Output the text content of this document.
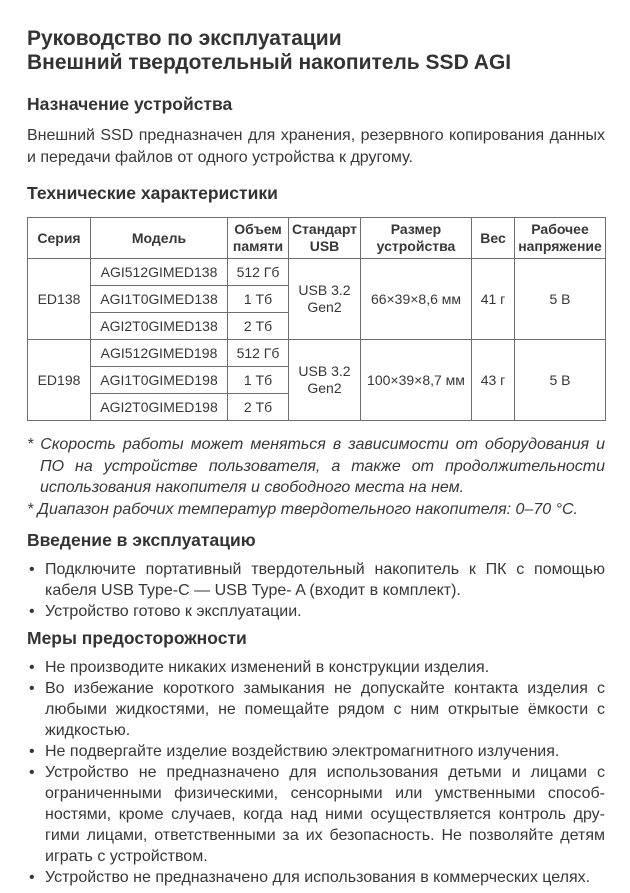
Руководство по эксплуатации
Внешний твердотельный накопитель SSD AGI
Назначение устройства

Внешний SSD предназначен для хранения, резервного копирования данных и передачи файлов от одного устройства к другому.

Технические характеристики
Серия	Модель	Объем памяти	Стандарт USB	Размер устройства	Вес	Рабочее напряжение
ED138	AGI512GIMED138	512 Гб	USB 3.2 Gen2	66×39×8,6 мм	41 г	5 В
	AGI1T0GIMED138	1 Тб				
	AGI2T0GIMED138	2 Тб				
ED198	AGI512GIMED198	512 Гб	USB 3.2 Gen2	100×39×8,7 мм	43 г	5 В
	AGI1T0GIMED198	1 Тб				
	AGI2T0GIMED198	2 Тб				

* Скорость работы может меняться в зависимости от оборудования и ПО на устройстве пользователя, а также от продолжительности использования накопителя и свободного места на нем.

* Диапазон рабочих температур твердотельного накопителя: 0–70 °C.

Введение в эксплуатацию
• Подключите портативный твердотельный накопитель к ПК с помощью кабеля USB Type-C — USB Type- A (входит в комплект).
• Устройство готово к эксплуатации.
Меры предосторожности
• Не производите никаких изменений в конструкции изделия.
• Во избежание короткого замыкания не допускайте контакта изделия с любыми жидкостями, не помещайте рядом с ним открытые ёмкости с жидкостью.
• Не подвергайте изделие воздействию электромагнитного излучения.
• Устройство не предназначено для использования детьми и лицами с ограниченными физическими, сенсорными или умственными способностями, кроме случаев, когда над ними осуществляется контроль другими лицами, ответственными за их безопасность. Не позволяйте детям играть с устройством.
• Устройство не предназначено для использования в коммерческих целях.
